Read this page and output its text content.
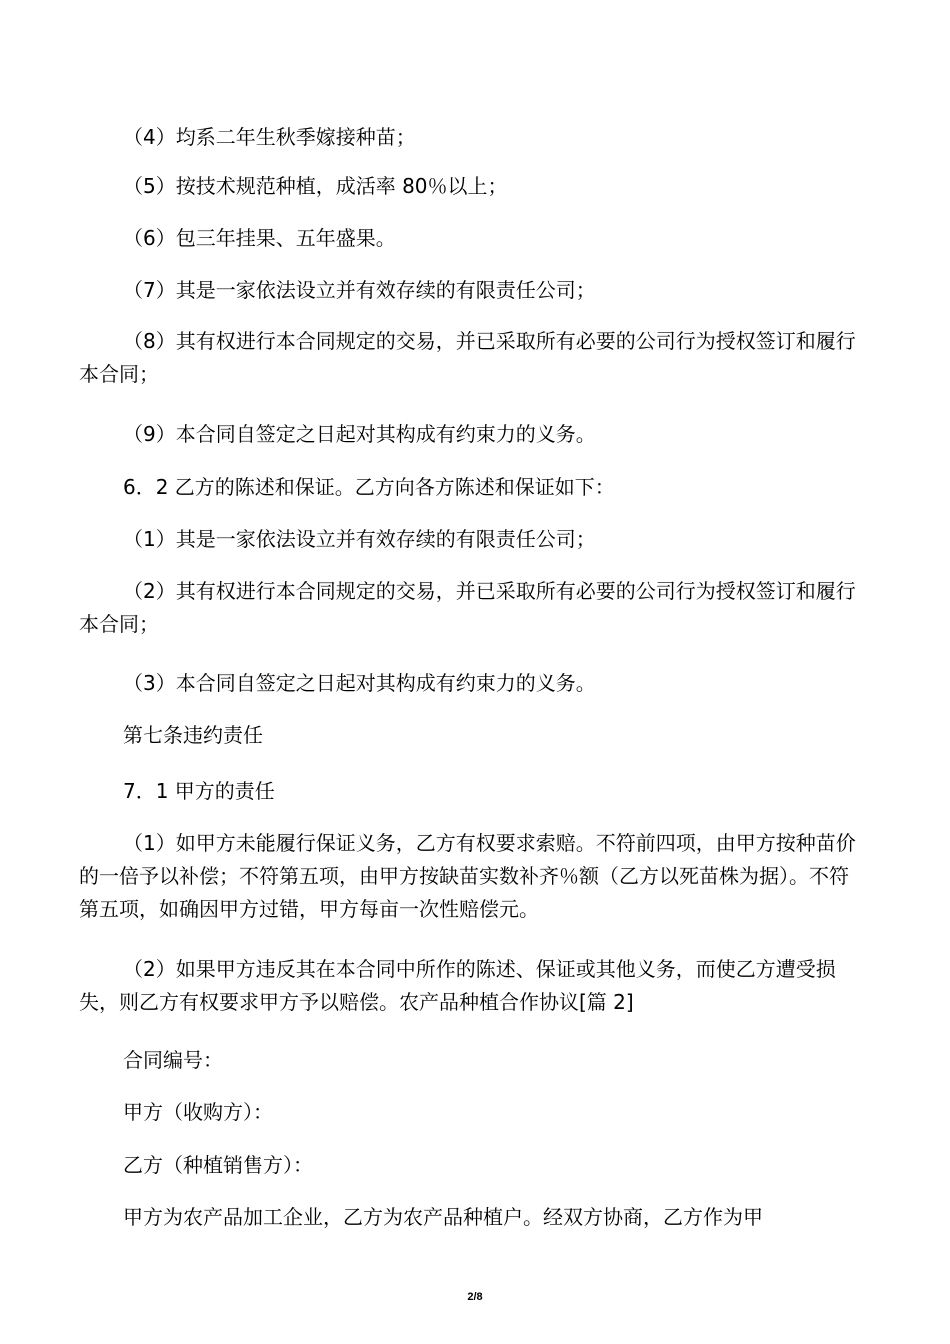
（4）均系二年生秋季嫁接种苗；

（5）按技术规范种植，成活率 80％以上；

（6）包三年挂果、五年盛果。

（7）其是一家依法设立并有效存续的有限责任公司；

（8）其有权进行本合同规定的交易，并已采取所有必要的公司行为授权签订和履行本合同；

（9）本合同自签定之日起对其构成有约束力的义务。

6．2 乙方的陈述和保证。乙方向各方陈述和保证如下：

（1）其是一家依法设立并有效存续的有限责任公司；

（2）其有权进行本合同规定的交易，并已采取所有必要的公司行为授权签订和履行本合同；

（3）本合同自签定之日起对其构成有约束力的义务。

第七条违约责任

7．1 甲方的责任

（1）如甲方未能履行保证义务，乙方有权要求索赔。不符前四项，由甲方按种苗价的一倍予以补偿；不符第五项，由甲方按缺苗实数补齐％额（乙方以死苗株为据）。不符第五项，如确因甲方过错，甲方每亩一次性赔偿元。

（2）如果甲方违反其在本合同中所作的陈述、保证或其他义务，而使乙方遭受损失，则乙方有权要求甲方予以赔偿。农产品种植合作协议[篇 2]

合同编号：

甲方（收购方）：

乙方（种植销售方）：

甲方为农产品加工企业，乙方为农产品种植户。经双方协商，乙方作为甲

2/8
